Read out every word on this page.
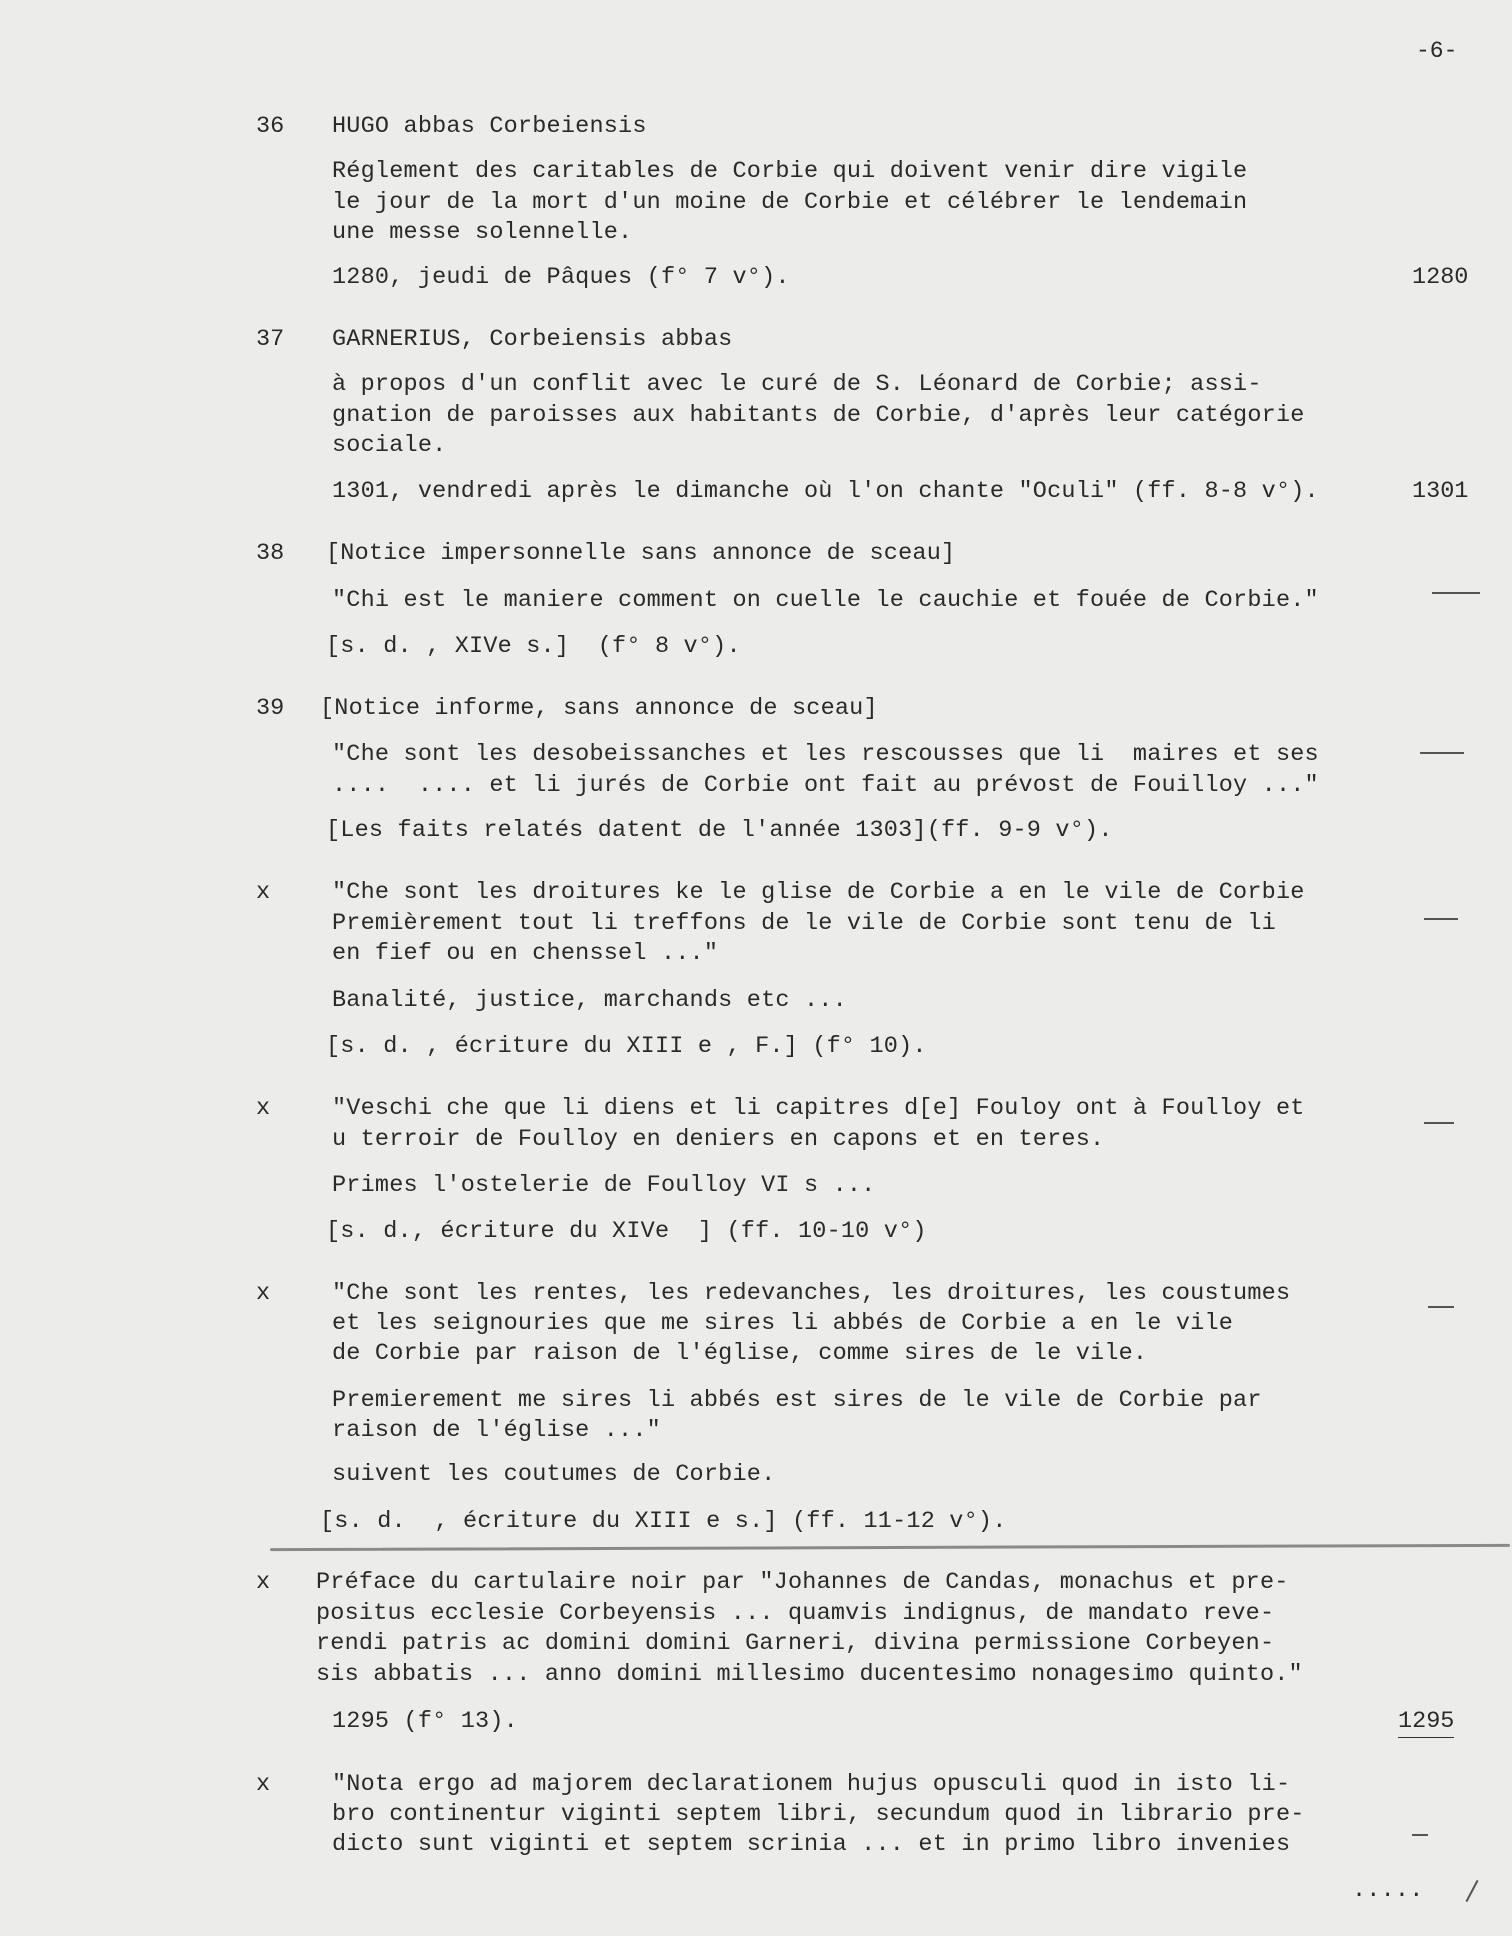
-6-
36 HUGO abbas Corbeiensis
Réglement des caritables de Corbie qui doivent venir dire vigile
le jour de la mort d'un moine de Corbie et célébrer le lendemain
une messe solennelle.
1280, jeudi de Pâques (f° 7 v°).	1280
37 GARNERIUS, Corbeiensis abbas
à propos d'un conflit avec le curé de S. Léonard de Corbie; assi-
gnation de paroisses aux habitants de Corbie, d'après leur catégorie
sociale.
1301, vendredi après le dimanche où l'on chante "Oculi" (ff. 8-8 v°).	1301
38 [Notice impersonnelle sans annonce de sceau]
"Chi est le maniere comment on cuelle le cauchie et fouée de Corbie."
[s. d. , XIVe s.]  (f° 8 v°).
39 [Notice informe, sans annonce de sceau]
"Che sont les desobeissanches et les rescousses que li  maires et ses
....  .... et li jurés de Corbie ont fait au prévost de Fouilloy ..."
[Les faits relatés datent de l'année 1303](ff. 9-9 v°).
x	"Che sont les droitures ke le glise de Corbie a en le vile de Corbie
Premièrement tout li treffons de le vile de Corbie sont tenu de li
en fief ou en chenssel ..."
Banalité, justice, marchands etc ...
[s. d. , écriture du XIII e , F.] (f° 10).
x	"Veschi che que li diens et li capitres d[e] Fouloy ont à Foulloy et
u terroir de Foulloy en deniers en capons et en teres.
Primes l'ostelerie de Foulloy VI s ...
[s. d., écriture du XIVe  ] (ff. 10-10 v°)
x	"Che sont les rentes, les redevanches, les droitures, les coustumes
et les seignouries que me sires li abbés de Corbie a en le vile
de Corbie par raison de l'église, comme sires de le vile.
Premierement me sires li abbés est sires de le vile de Corbie par
raison de l'église ..."
suivent les coutumes de Corbie.
[s. d.  , écriture du XIII e s.] (ff. 11-12 v°).
x Préface du cartulaire noir par "Johannes de Candas, monachus et pre-
positus ecclesie Corbeyensis ... quamvis indignus, de mandato reve-
rendi patris ac domini domini Garneri, divina permissione Corbeyen-
sis abbatis ... anno domini millesimo ducentesimo nonagesimo quinto."
1295 (f° 13).	1295
x	"Nota ergo ad majorem declarationem hujus opusculi quod in isto li-
bro continentur viginti septem libri, secundum quod in librario pre-
dicto sunt viginti et septem scrinia ... et in primo libro invenies
.....
